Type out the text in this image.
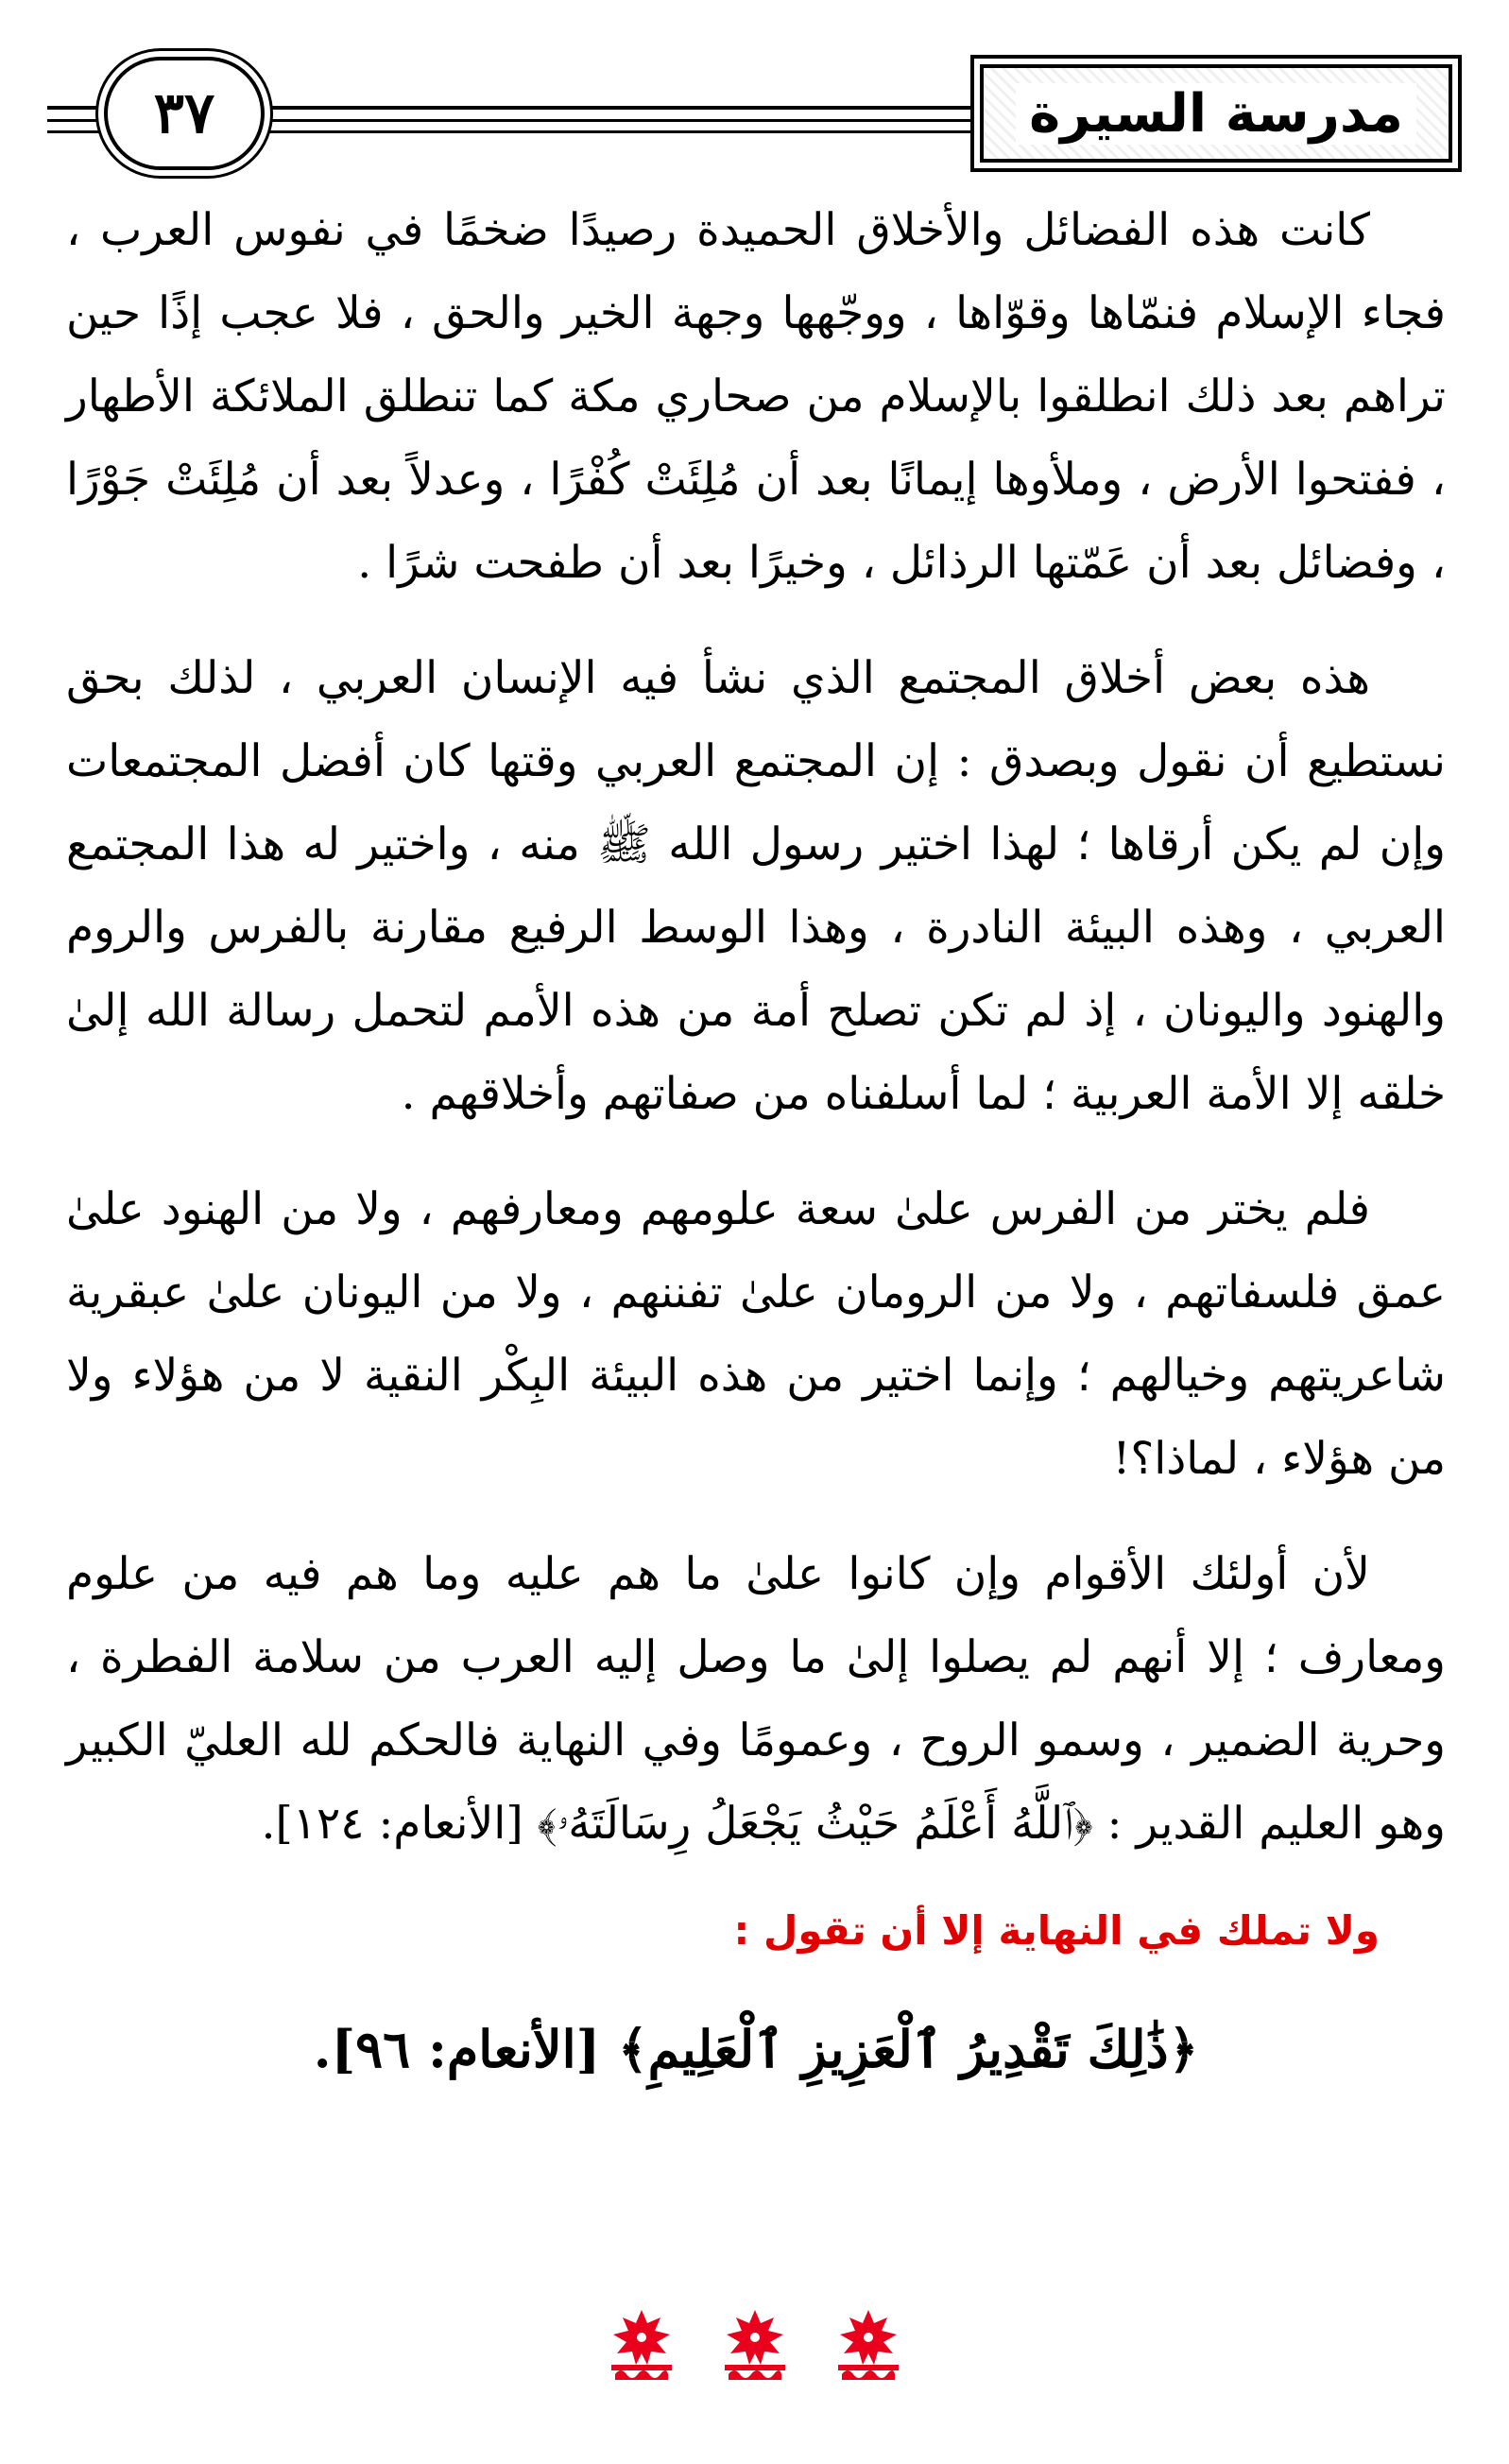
٣٧	مدرسة السيرة

كانت هذه الفضائل والأخلاق الحميدة رصيدًا ضخمًا في نفوس العرب ، فجاء الإسلام فنمّاها وقوّاها ، ووجّهها وجهة الخير والحق ، فلا عجب إذًا حين تراهم بعد ذلك انطلقوا بالإسلام من صحاري مكة كما تنطلق الملائكة الأطهار ، ففتحوا الأرض ، وملأوها إيمانًا بعد أن مُلِئَتْ كُفْرًا ، وعدلاً بعد أن مُلِئَتْ جَوْرًا ، وفضائل بعد أن عَمّتها الرذائل ، وخيرًا بعد أن طفحت شرًا .

هذه بعض أخلاق المجتمع الذي نشأ فيه الإنسان العربي ، لذلك بحق نستطيع أن نقول وبصدق : إن المجتمع العربي وقتها كان أفضل المجتمعات وإن لم يكن أرقاها ؛ لهذا اختير رسول الله ﷺ منه ، واختير له هذا المجتمع العربي ، وهذه البيئة النادرة ، وهذا الوسط الرفيع مقارنة بالفرس والروم والهنود واليونان ، إذ لم تكن تصلح أمة من هذه الأمم لتحمل رسالة الله إلىٰ خلقه إلا الأمة العربية ؛ لما أسلفناه من صفاتهم وأخلاقهم .

فلم يختر من الفرس علىٰ سعة علومهم ومعارفهم ، ولا من الهنود علىٰ عمق فلسفاتهم ، ولا من الرومان علىٰ تفننهم ، ولا من اليونان علىٰ عبقرية شاعريتهم وخيالهم ؛ وإنما اختير من هذه البيئة البِكْر النقية لا من هؤلاء ولا من هؤلاء ، لماذا؟!

لأن أولئك الأقوام وإن كانوا علىٰ ما هم عليه وما هم فيه من علوم ومعارف ؛ إلا أنهم لم يصلوا إلىٰ ما وصل إليه العرب من سلامة الفطرة ، وحرية الضمير ، وسمو الروح ، وعمومًا وفي النهاية فالحكم لله العليّ الكبير وهو العليم القدير : ﴿ٱللَّهُ أَعْلَمُ حَيْثُ يَجْعَلُ رِسَالَتَهُۥ﴾ [الأنعام: ١٢٤].

ولا تملك في النهاية إلا أن تقول :
﴿ذَٰلِكَ تَقْدِيرُ ٱلْعَزِيزِ ٱلْعَلِيمِ﴾ [الأنعام: ٩٦].
